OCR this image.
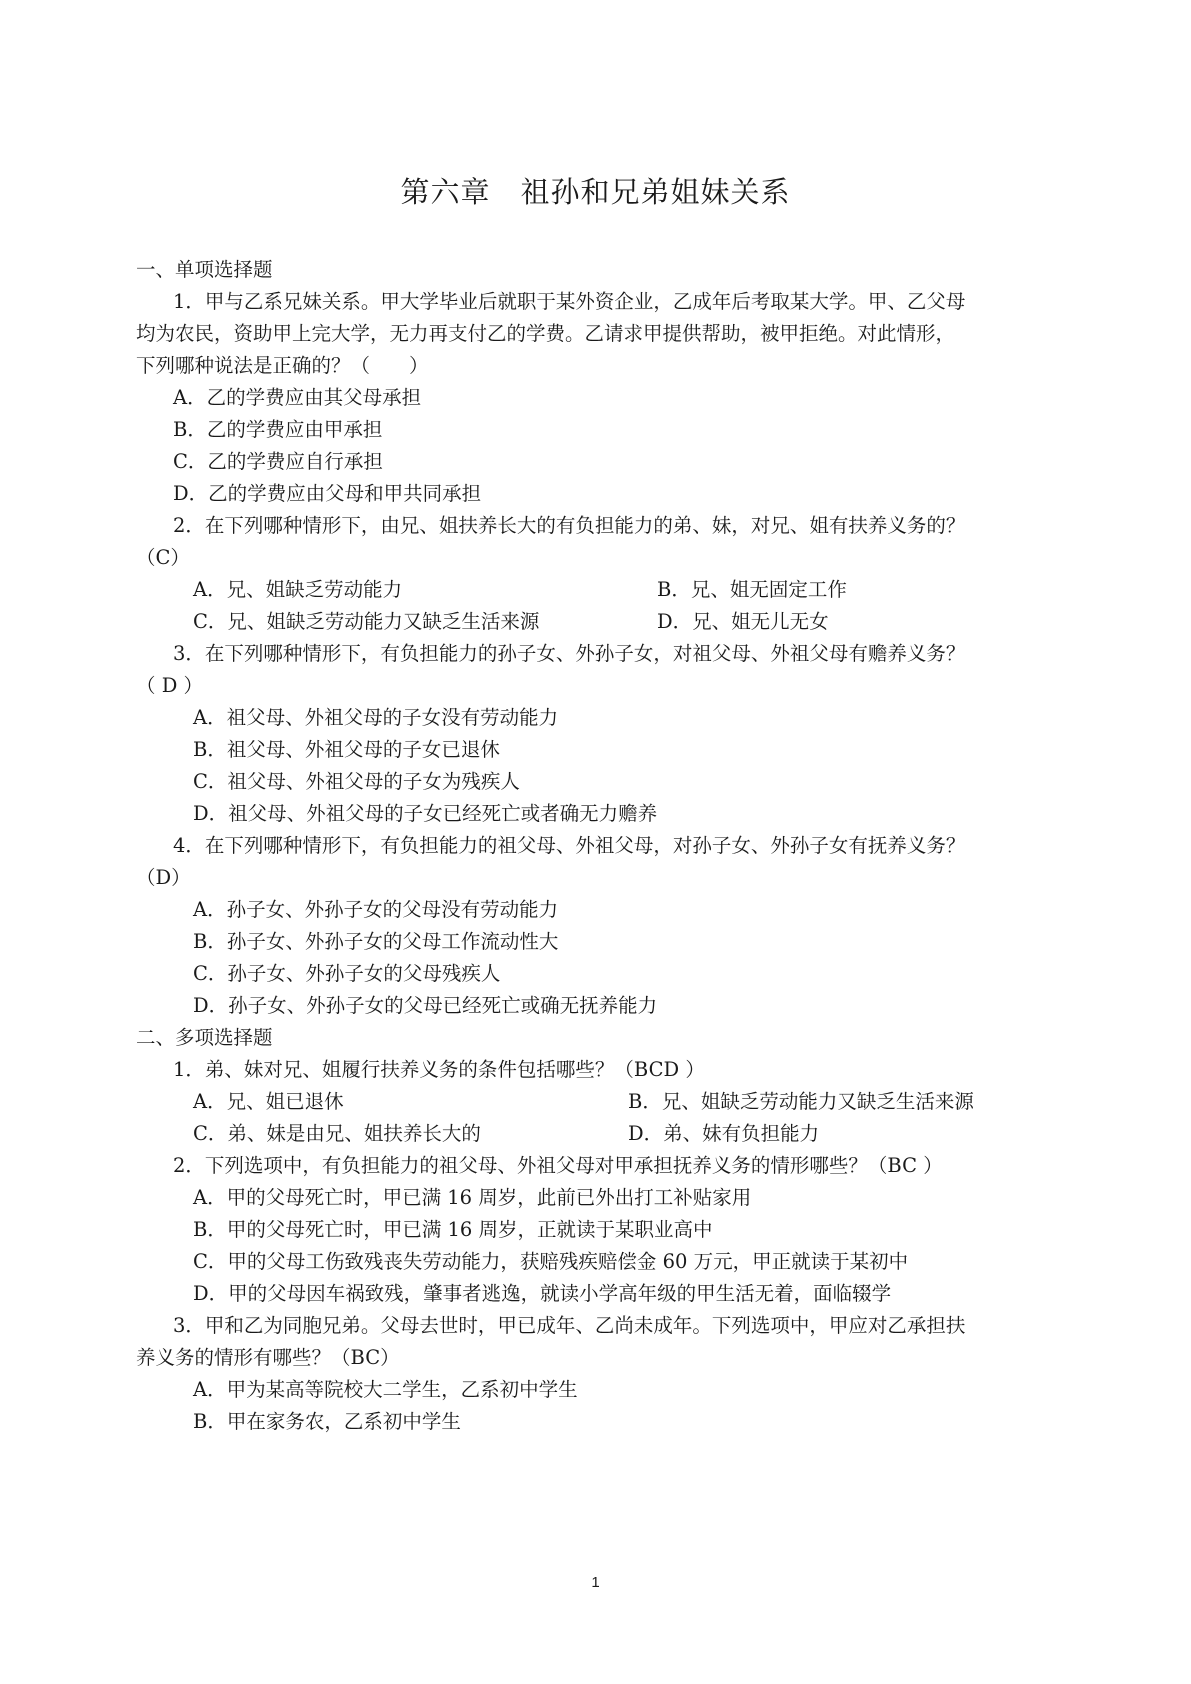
第六章　祖孙和兄弟姐妹关系
一、单项选择题
1．甲与乙系兄妹关系。甲大学毕业后就职于某外资企业，乙成年后考取某大学。甲、乙父母
均为农民，资助甲上完大学，无力再支付乙的学费。乙请求甲提供帮助，被甲拒绝。对此情形，
下列哪种说法是正确的？（　　）
A．乙的学费应由其父母承担
B．乙的学费应由甲承担
C．乙的学费应自行承担
D．乙的学费应由父母和甲共同承担
2．在下列哪种情形下，由兄、姐扶养长大的有负担能力的弟、妹，对兄、姐有扶养义务的？
（C）
A．兄、姐缺乏劳动能力	B．兄、姐无固定工作
C．兄、姐缺乏劳动能力又缺乏生活来源	D．兄、姐无儿无女
3．在下列哪种情形下，有负担能力的孙子女、外孙子女，对祖父母、外祖父母有赡养义务？
（ D ）
A．祖父母、外祖父母的子女没有劳动能力
B．祖父母、外祖父母的子女已退休
C．祖父母、外祖父母的子女为残疾人
D．祖父母、外祖父母的子女已经死亡或者确无力赡养
4．在下列哪种情形下，有负担能力的祖父母、外祖父母，对孙子女、外孙子女有抚养义务？
（D）
A．孙子女、外孙子女的父母没有劳动能力
B．孙子女、外孙子女的父母工作流动性大
C．孙子女、外孙子女的父母残疾人
D．孙子女、外孙子女的父母已经死亡或确无抚养能力
二、多项选择题
1．弟、妹对兄、姐履行扶养义务的条件包括哪些？（BCD ）
A．兄、姐已退休	B．兄、姐缺乏劳动能力又缺乏生活来源
C．弟、妹是由兄、姐扶养长大的	D．弟、妹有负担能力
2．下列选项中，有负担能力的祖父母、外祖父母对甲承担抚养义务的情形哪些？（BC ）
A．甲的父母死亡时，甲已满 16 周岁，此前已外出打工补贴家用
B．甲的父母死亡时，甲已满 16 周岁，正就读于某职业高中
C．甲的父母工伤致残丧失劳动能力，获赔残疾赔偿金 60 万元，甲正就读于某初中
D．甲的父母因车祸致残，肇事者逃逸，就读小学高年级的甲生活无着，面临辍学
3．甲和乙为同胞兄弟。父母去世时，甲已成年、乙尚未成年。下列选项中，甲应对乙承担扶
养义务的情形有哪些？（BC）
A．甲为某高等院校大二学生，乙系初中学生
B．甲在家务农，乙系初中学生
1
